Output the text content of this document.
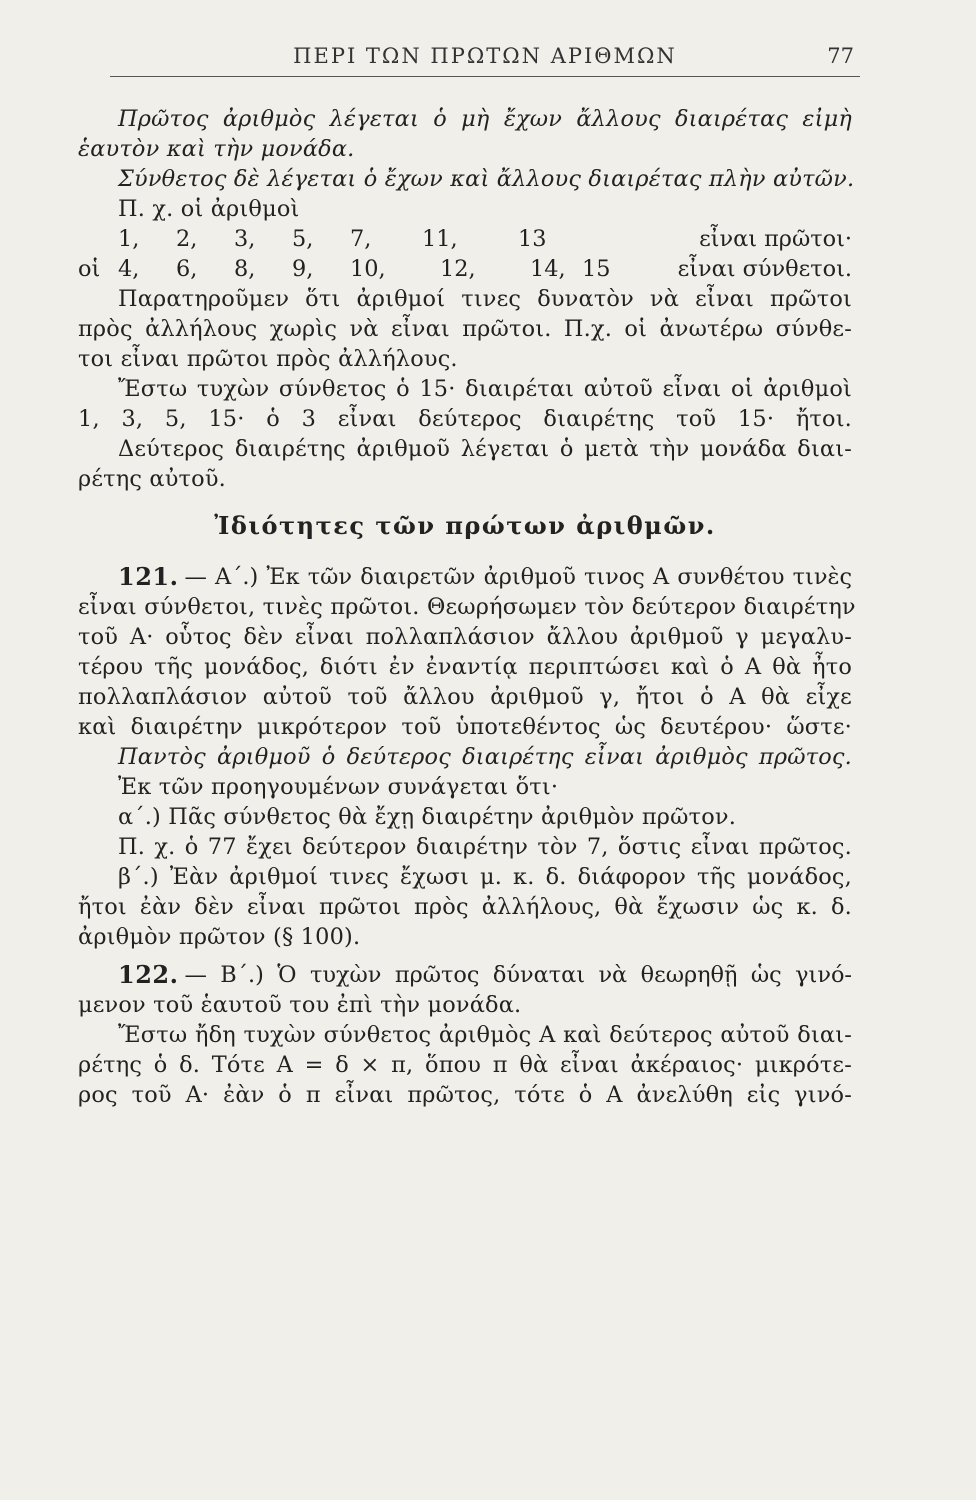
ΠΕΡΙ ΤΩΝ ΠΡΩΤΩΝ ΑΡΙΘΜΩΝ	77
Πρῶτος ἀριθμὸς λέγεται ὁ μὴ ἔχων ἄλλους διαιρέτας εἰμὴ
ἑαυτὸν καὶ τὴν μονάδα.
Σύνθετος δὲ λέγεται ὁ ἔχων καὶ ἄλλους διαιρέτας πλὴν αὐτῶν.
Π. χ. οἱ ἀριθμοὶ
1,	2,	3,	5,	7,	11,	13	εἶναι πρῶτοι·
οἱ 4,	6,	8,	9,	10,	12,	14, 15	εἶναι σύνθετοι.
Παρατηροῦμεν ὅτι ἀριθμοί τινες δυνατὸν νὰ εἶναι πρῶτοι
πρὸς ἀλλήλους χωρὶς νὰ εἶναι πρῶτοι. Π.χ. οἱ ἀνωτέρω σύνθε-
τοι εἶναι πρῶτοι πρὸς ἀλλήλους.
Ἔστω τυχὼν σύνθετος ὁ 15· διαιρέται αὐτοῦ εἶναι οἱ ἀριθμοὶ
1, 3, 5, 15· ὁ 3 εἶναι δεύτερος διαιρέτης τοῦ 15· ἤτοι.
Δεύτερος διαιρέτης ἀριθμοῦ λέγεται ὁ μετὰ τὴν μονάδα διαι-
ρέτης αὐτοῦ.
Ἰδιότητες τῶν πρώτων ἀριθμῶν.
121. — Α΄.) Ἐκ τῶν διαιρετῶν ἀριθμοῦ τινος Α συνθέτου τινὲς
εἶναι σύνθετοι, τινὲς πρῶτοι. Θεωρήσωμεν τὸν δεύτερον διαιρέτην
τοῦ Α· οὗτος δὲν εἶναι πολλαπλάσιον ἄλλου ἀριθμοῦ γ μεγαλυ-
τέρου τῆς μονάδος, διότι ἐν ἐναντίᾳ περιπτώσει καὶ ὁ Α θὰ ἦτο
πολλαπλάσιον αὐτοῦ τοῦ ἄλλου ἀριθμοῦ γ, ἤτοι ὁ Α θὰ εἶχε
καὶ διαιρέτην μικρότερον τοῦ ὑποτεθέντος ὡς δευτέρου· ὥστε·
Παντὸς ἀριθμοῦ ὁ δεύτερος διαιρέτης εἶναι ἀριθμὸς πρῶτος.
Ἐκ τῶν προηγουμένων συνάγεται ὅτι·
α΄.) Πᾶς σύνθετος θὰ ἔχῃ διαιρέτην ἀριθμὸν πρῶτον.
Π. χ. ὁ 77 ἔχει δεύτερον διαιρέτην τὸν 7, ὅστις εἶναι πρῶτος.
β΄.) Ἐὰν ἀριθμοί τινες ἔχωσι μ. κ. δ. διάφορον τῆς μονάδος,
ἤτοι ἐὰν δὲν εἶναι πρῶτοι πρὸς ἀλλήλους, θὰ ἔχωσιν ὡς κ. δ.
ἀριθμὸν πρῶτον (§ 100).
122. — Β΄.) Ὁ τυχὼν πρῶτος δύναται νὰ θεωρηθῇ ὡς γινό-
μενον τοῦ ἑαυτοῦ του ἐπὶ τὴν μονάδα.
Ἔστω ἤδη τυχὼν σύνθετος ἀριθμὸς Α καὶ δεύτερος αὐτοῦ διαι-
ρέτης ὁ δ. Τότε Α = δ × π, ὅπου π θὰ εἶναι ἀκέραιος· μικρότε-
ρος τοῦ Α· ἐὰν ὁ π εἶναι πρῶτος, τότε ὁ Α ἀνελύθη εἰς γινό-
